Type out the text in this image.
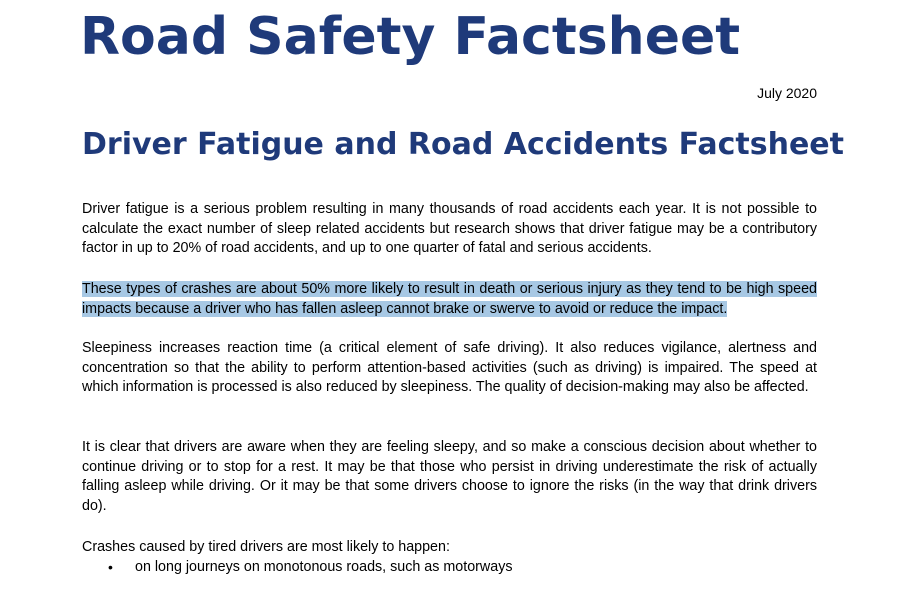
Road Safety Factsheet
July 2020
Driver Fatigue and Road Accidents Factsheet

Driver fatigue is a serious problem resulting in many thousands of road accidents each year. It is not possible to calculate the exact number of sleep related accidents but research shows that driver fatigue may be a contributory factor in up to 20% of road accidents, and up to one quarter of fatal and serious accidents.

These types of crashes are about 50% more likely to result in death or serious injury as they tend to be high speed impacts because a driver who has fallen asleep cannot brake or swerve to avoid or reduce the impact.

Sleepiness increases reaction time (a critical element of safe driving). It also reduces vigilance, alertness and concentration so that the ability to perform attention-based activities (such as driving) is impaired. The speed at which information is processed is also reduced by sleepiness. The quality of decision-making may also be affected.

It is clear that drivers are aware when they are feeling sleepy, and so make a conscious decision about whether to continue driving or to stop for a rest. It may be that those who persist in driving underestimate the risk of actually falling asleep while driving. Or it may be that some drivers choose to ignore the risks (in the way that drink drivers do).

Crashes caused by tired drivers are most likely to happen:

• on long journeys on monotonous roads, such as motorways
